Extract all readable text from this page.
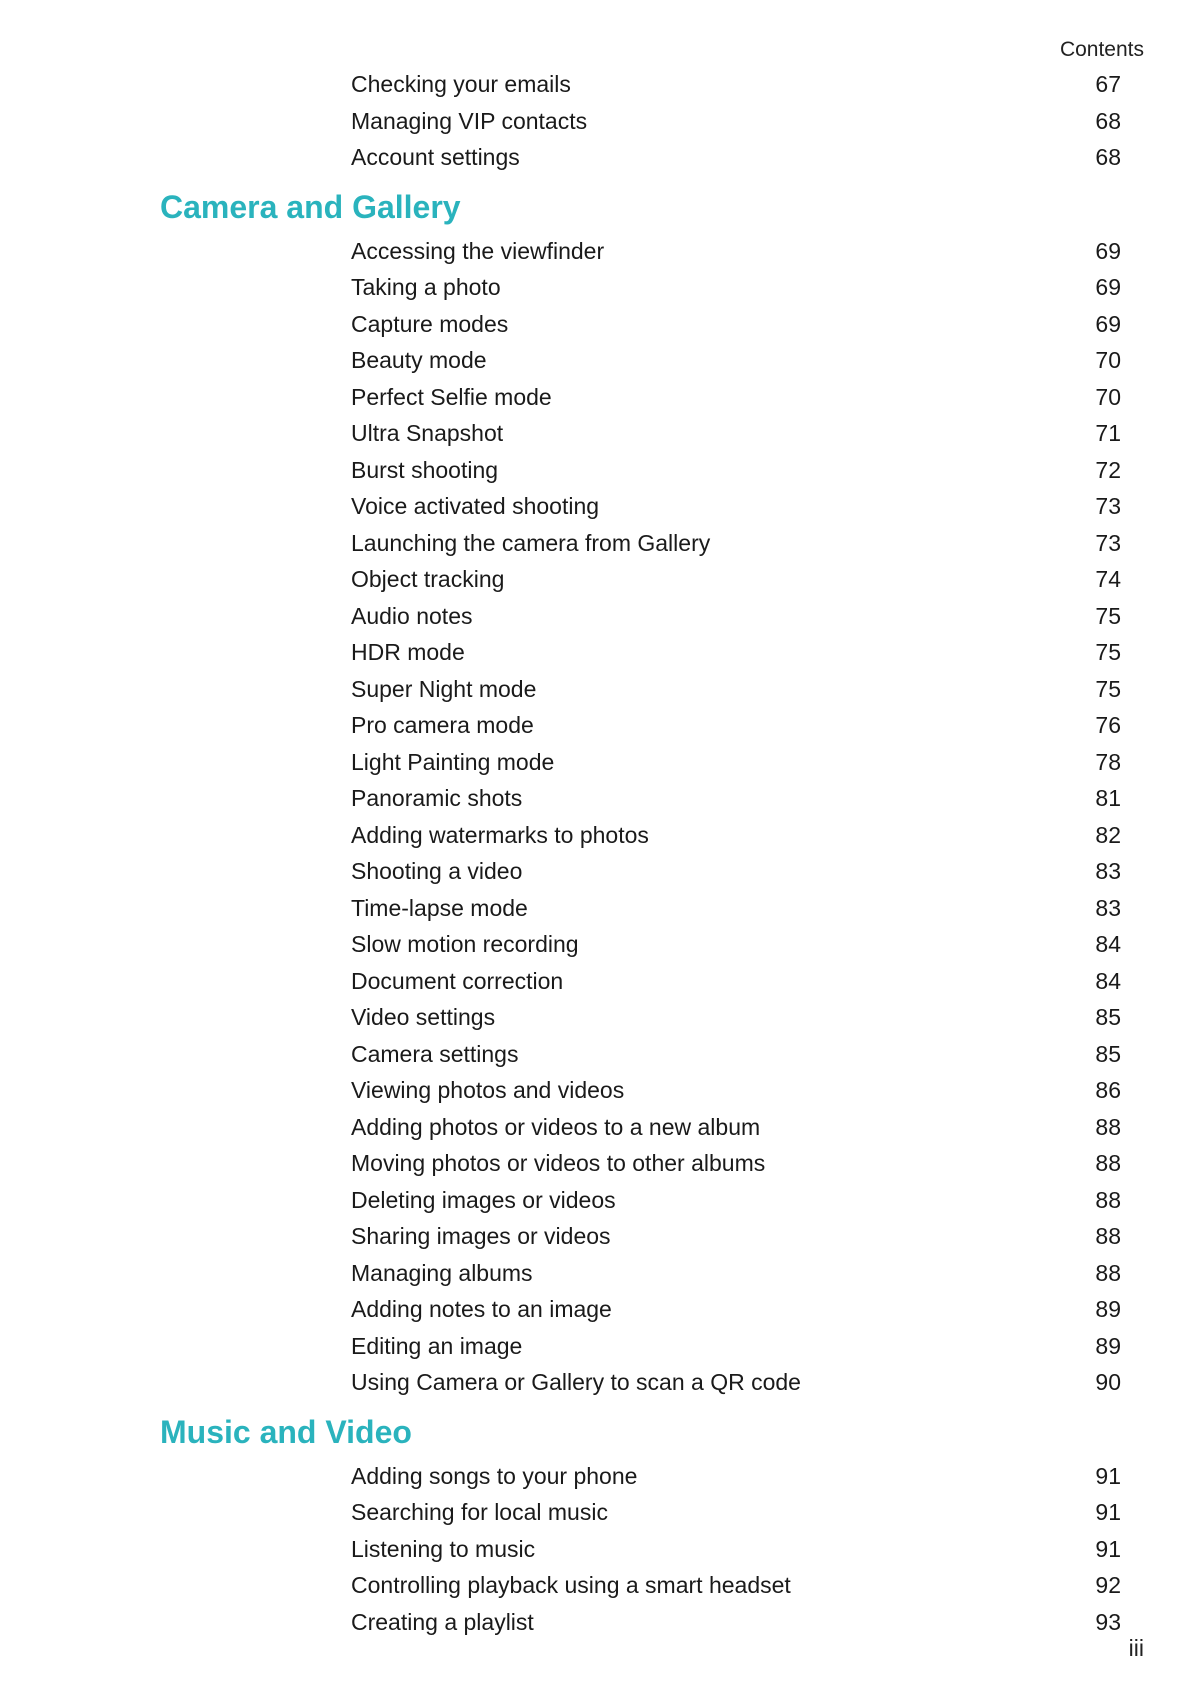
Contents
Checking your emails	67
Managing VIP contacts	68
Account settings	68
Camera and Gallery
Accessing the viewfinder	69
Taking a photo	69
Capture modes	69
Beauty mode	70
Perfect Selfie mode	70
Ultra Snapshot	71
Burst shooting	72
Voice activated shooting	73
Launching the camera from Gallery	73
Object tracking	74
Audio notes	75
HDR mode	75
Super Night mode	75
Pro camera mode	76
Light Painting mode	78
Panoramic shots	81
Adding watermarks to photos	82
Shooting a video	83
Time-lapse mode	83
Slow motion recording	84
Document correction	84
Video settings	85
Camera settings	85
Viewing photos and videos	86
Adding photos or videos to a new album	88
Moving photos or videos to other albums	88
Deleting images or videos	88
Sharing images or videos	88
Managing albums	88
Adding notes to an image	89
Editing an image	89
Using Camera or Gallery to scan a QR code	90
Music and Video
Adding songs to your phone	91
Searching for local music	91
Listening to music	91
Controlling playback using a smart headset	92
Creating a playlist	93
iii
